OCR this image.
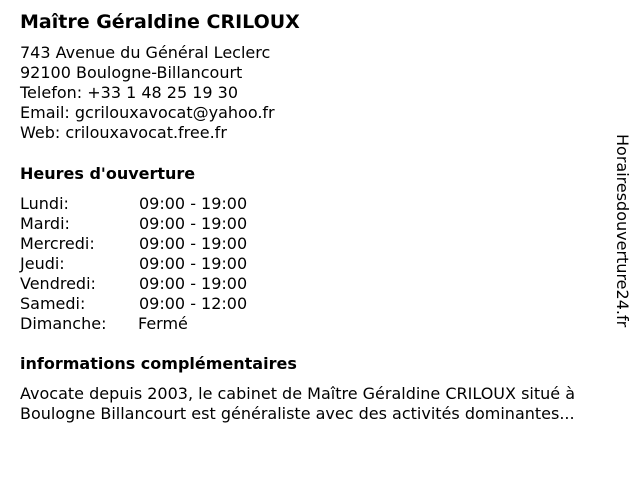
Maître Géraldine CRILOUX
743 Avenue du Général Leclerc
92100 Boulogne-Billancourt
Telefon: +33 1 48 25 19 30
Email: gcrilouxavocat@yahoo.fr
Web: crilouxavocat.free.fr
Heures d'ouverture
Lundi:	09:00 - 19:00
Mardi:	09:00 - 19:00
Mercredi:	09:00 - 19:00
Jeudi:	09:00 - 19:00
Vendredi:	09:00 - 19:00
Samedi:	09:00 - 12:00
Dimanche: Fermé
informations complémentaires
Avocate depuis 2003, le cabinet de Maître Géraldine CRILOUX situé à
Boulogne Billancourt est généraliste avec des activités dominantes...
Horairesdouverture24.fr
